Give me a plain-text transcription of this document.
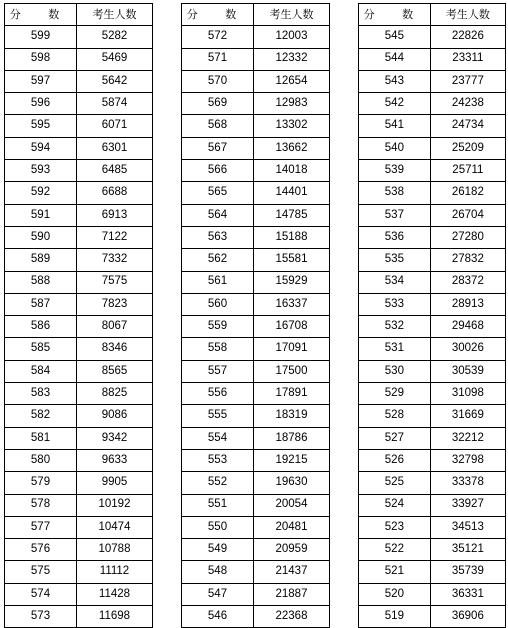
分 数	考生人数
599	5282
598	5469
597	5642
596	5874
595	6071
594	6301
593	6485
592	6688
591	6913
590	7122
589	7332
588	7575
587	7823
586	8067
585	8346
584	8565
583	8825
582	9086
581	9342
580	9633
579	9905
578	10192
577	10474
576	10788
575	11112
574	11428
573	11698
分 数	考生人数
572	12003
571	12332
570	12654
569	12983
568	13302
567	13662
566	14018
565	14401
564	14785
563	15188
562	15581
561	15929
560	16337
559	16708
558	17091
557	17500
556	17891
555	18319
554	18786
553	19215
552	19630
551	20054
550	20481
549	20959
548	21437
547	21887
546	22368
分 数	考生人数
545	22826
544	23311
543	23777
542	24238
541	24734
540	25209
539	25711
538	26182
537	26704
536	27280
535	27832
534	28372
533	28913
532	29468
531	30026
530	30539
529	31098
528	31669
527	32212
526	32798
525	33378
524	33927
523	34513
522	35121
521	35739
520	36331
519	36906
